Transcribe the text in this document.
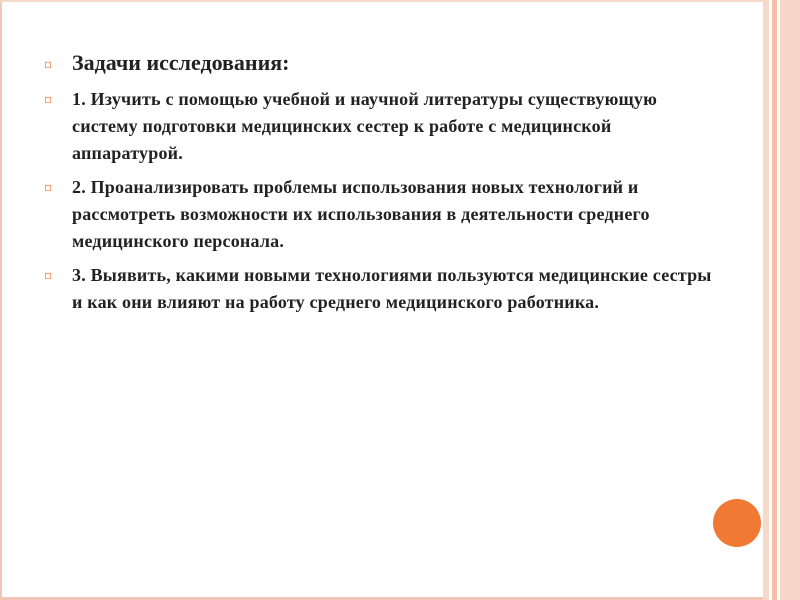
▫ Задачи исследования:
▫ 1. Изучить с помощью учебной и научной литературы существующую систему подготовки медицинских сестер к работе с медицинской аппаратурой.
▫ 2. Проанализировать проблемы использования новых технологий и рассмотреть возможности их использования в деятельности среднего медицинского персонала.
▫ 3. Выявить, какими новыми технологиями пользуются медицинские сестры и как они влияют на работу среднего медицинского работника.
